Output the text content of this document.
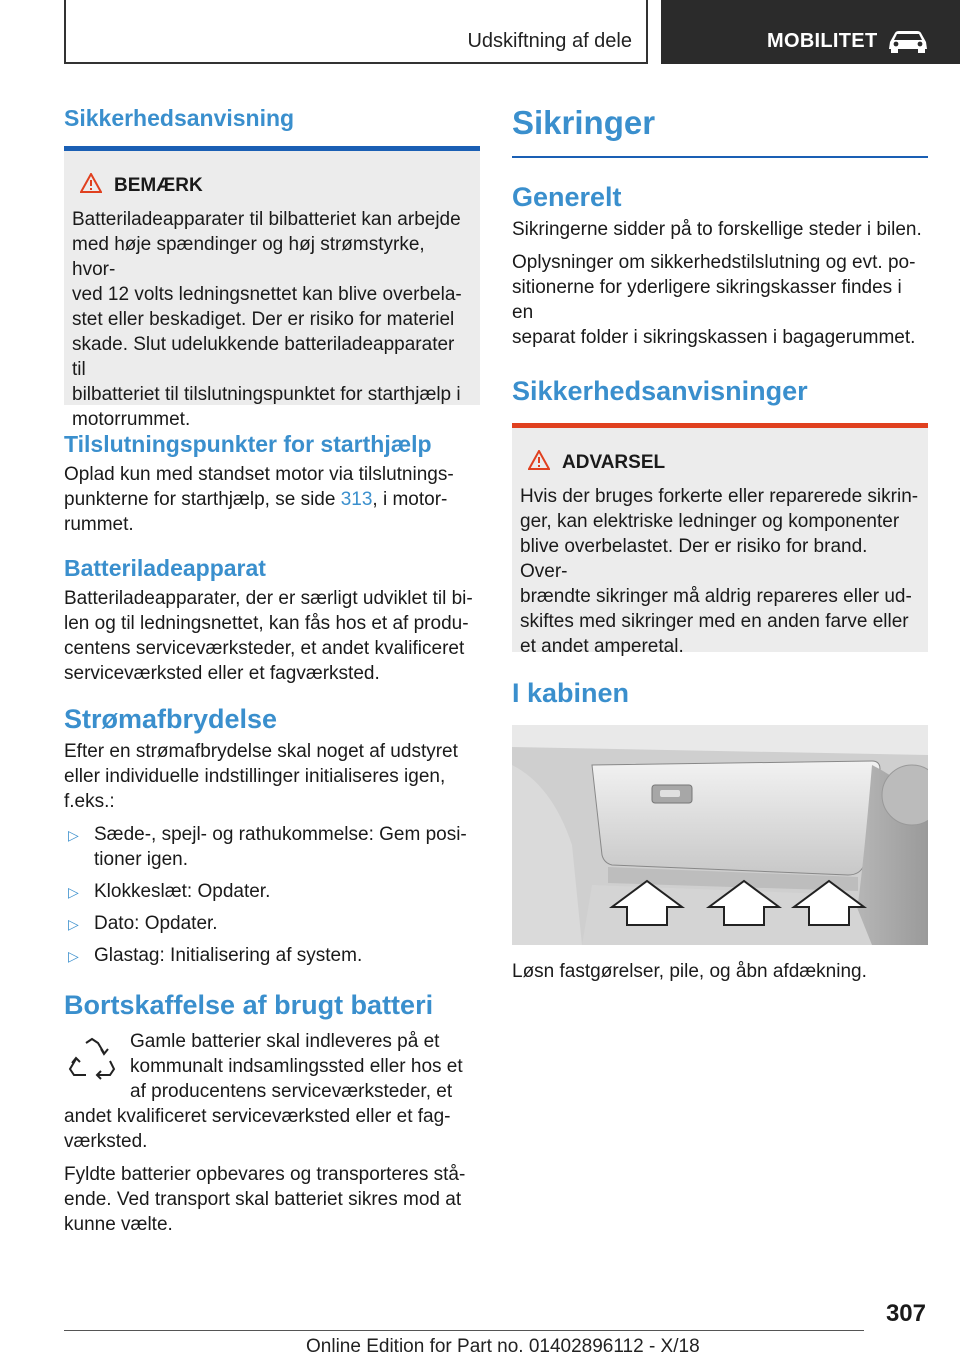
Udskiftning af dele	MOBILITET
Sikkerhedsanvisning
BEMÆRK

Batteriladeapparater til bilbatteriet kan arbejde

med høje spændinger og høj strømstyrke, hvor-

ved 12 volts ledningsnettet kan blive overbela-

stet eller beskadiget. Der er risiko for materiel

skade. Slut udelukkende batteriladeapparater til

bilbatteriet til tilslutningspunktet for starthjælp i

motorrummet.

Tilslutningspunkter for starthjælp

Oplad kun med standset motor via tilslutnings-

punkterne for starthjælp, se side 313, i motor-

rummet.

Batteriladeapparat

Batteriladeapparater, der er særligt udviklet til bi-

len og til ledningsnettet, kan fås hos et af produ-

centens serviceværksteder, et andet kvalificeret

serviceværksted eller et fagværksted.

Strømafbrydelse

Efter en strømafbrydelse skal noget af udstyret

eller individuelle indstillinger initialiseres igen,

f.eks.:

▷ Sæde-, spejl- og rathukommelse: Gem posi-
tioner igen.
▷ Klokkeslæt: Opdater.
▷ Dato: Opdater.
▷ Glastag: Initialisering af system.
Bortskaffelse af brugt batteri

Gamle batterier skal indleveres på et

kommunalt indsamlingssted eller hos et

af producentens serviceværksteder, et

andet kvalificeret serviceværksted eller et fag-

værksted.

Fyldte batterier opbevares og transporteres stå-

ende. Ved transport skal batteriet sikres mod at

kunne vælte.

Sikringer
Generelt

Sikringerne sidder på to forskellige steder i bilen.

Oplysninger om sikkerhedstilslutning og evt. po-

sitionerne for yderligere sikringskasser findes i en

separat folder i sikringskassen i bagagerummet.

Sikkerhedsanvisninger
ADVARSEL

Hvis der bruges forkerte eller reparerede sikrin-

ger, kan elektriske ledninger og komponenter

blive overbelastet. Der er risiko for brand. Over-

brændte sikringer må aldrig repareres eller ud-

skiftes med sikringer med en anden farve eller

et andet amperetal.

I kabinen

Løsn fastgørelser, pile, og åbn afdækning.

307
Online Edition for Part no. 01402896112 - X/18
